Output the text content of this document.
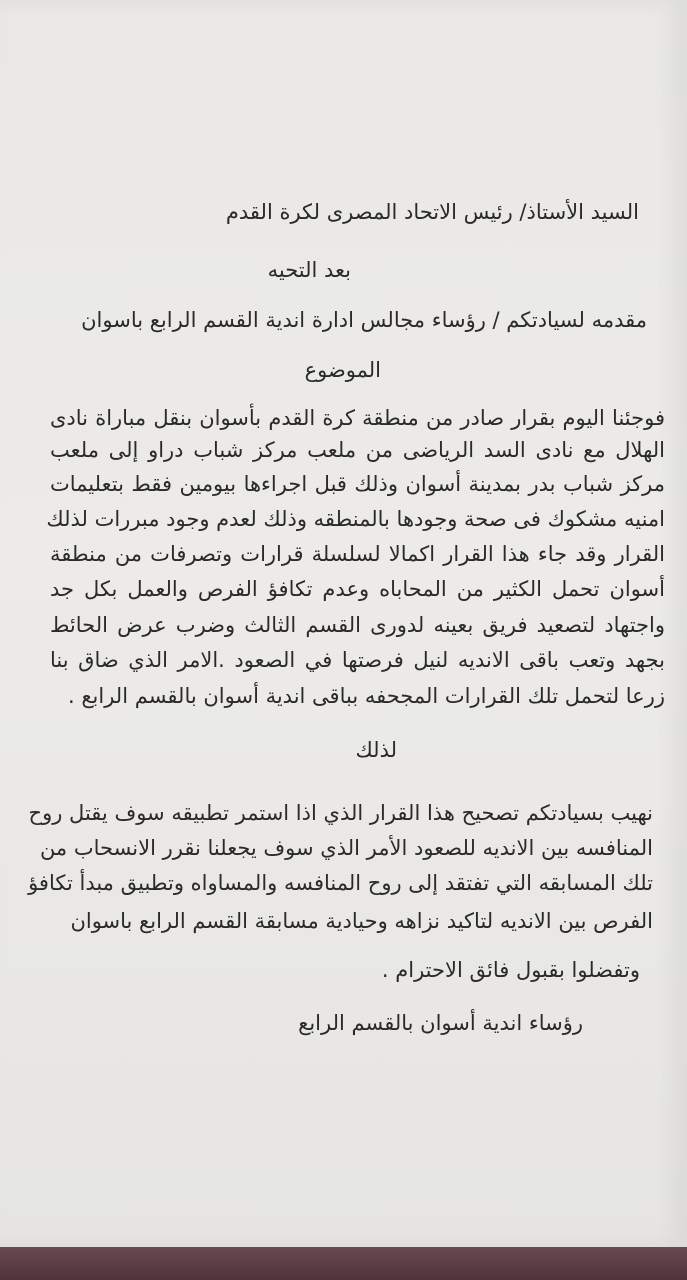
السيد الأستاذ/ رئيس الاتحاد المصرى لكرة القدم

بعد التحيه

مقدمه لسيادتكم / رؤساء مجالس ادارة اندية القسم الرابع باسوان

الموضوع

فوجئنا اليوم بقرار صادر من منطقة كرة القدم بأسوان بنقل مباراة نادى

الهلال مع نادى السد الرياضى من ملعب مركز شباب دراو إلى ملعب

مركز شباب بدر بمدينة أسوان وذلك قبل اجراءها بيومين فقط بتعليمات

امنيه مشكوك فى صحة وجودها بالمنطقه وذلك لعدم وجود مبررات لذلك

القرار وقد جاء هذا القرار اكمالا لسلسلة قرارات وتصرفات من منطقة

أسوان تحمل الكثير من المحاباه وعدم تكافؤ الفرص والعمل بكل جد

واجتهاد لتصعيد فريق بعينه لدورى القسم الثالث وضرب عرض الحائط

بجهد وتعب باقى الانديه لنيل فرصتها في الصعود .الامر الذي ضاق بنا

زرعا لتحمل تلك القرارات المجحفه بباقى اندية أسوان بالقسم الرابع .

لذلك

نهيب بسيادتكم تصحيح هذا القرار الذي اذا استمر تطبيقه سوف يقتل روح

المنافسه بين الانديه للصعود الأمر الذي سوف يجعلنا نقرر الانسحاب من

تلك المسابقه التي تفتقد إلى روح المنافسه والمساواه وتطبيق مبدأ تكافؤ

الفرص بين الانديه لتاكيد نزاهه وحيادية مسابقة القسم الرابع باسوان

وتفضلوا بقبول فائق الاحترام .

رؤساء اندية أسوان بالقسم الرابع
